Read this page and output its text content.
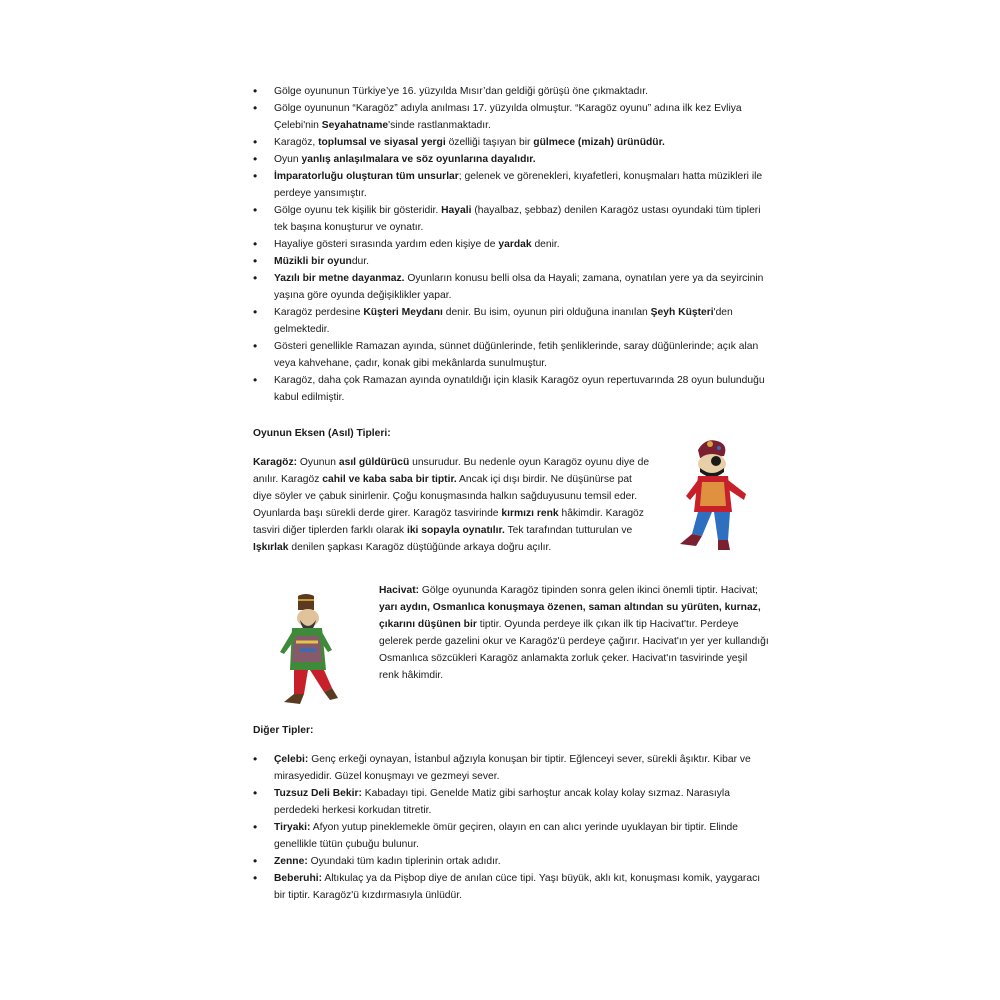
• Gölge oyununun Türkiye’ye 16. yüzyılda Mısır’dan geldiği görüşü öne çıkmaktadır.
• Gölge oyununun “Karagöz” adıyla anılması 17. yüzyılda olmuştur. “Karagöz oyunu” adına ilk kez Evliya Çelebi'nin Seyahatname'sinde rastlanmaktadır.
• Karagöz, toplumsal ve siyasal yergi özelliği taşıyan bir gülmece (mizah) ürünüdür.
• Oyun yanlış anlaşılmalara ve söz oyunlarına dayalıdır.
• İmparatorluğu oluşturan tüm unsurlar; gelenek ve görenekleri, kıyafetleri, konuşmaları hatta müzikleri ile perdeye yansımıştır.
• Gölge oyunu tek kişilik bir gösteridir. Hayali (hayalbaz, şebbaz) denilen Karagöz ustası oyundaki tüm tipleri tek başına konuşturur ve oynatır.
• Hayaliye gösteri sırasında yardım eden kişiye de yardak denir.
• Müzikli bir oyundur.
• Yazılı bir metne dayanmaz. Oyunların konusu belli olsa da Hayali; zamana, oynatılan yere ya da seyircinin yaşına göre oyunda değişiklikler yapar.
• Karagöz perdesine Küşteri Meydanı denir. Bu isim, oyunun piri olduğuna inanılan Şeyh Küşteri'den gelmektedir.
• Gösteri genellikle Ramazan ayında, sünnet düğünlerinde, fetih şenliklerinde, saray düğünlerinde; açık alan veya kahvehane, çadır, konak gibi mekânlarda sunulmuştur.
• Karagöz, daha çok Ramazan ayında oynatıldığı için klasik Karagöz oyun repertuvarında 28 oyun bulunduğu kabul edilmiştir.
Oyunun Eksen (Asıl) Tipleri:
Karagöz: Oyunun asıl güldürücü unsurudur. Bu nedenle oyun Karagöz oyunu diye de anılır. Karagöz cahil ve kaba saba bir tiptir. Ancak içi dışı birdir. Ne düşünürse pat diye söyler ve çabuk sinirlenir. Çoğu konuşmasında halkın sağduyusunu temsil eder. Oyunlarda başı sürekli derde girer. Karagöz tasvirinde kırmızı renk hâkimdir. Karagöz tasviri diğer tiplerden farklı olarak iki sopayla oynatılır. Tek tarafından tutturulan ve Işkırlak denilen şapkası Karagöz düştüğünde arkaya doğru açılır.
Hacivat: Gölge oyununda Karagöz tipinden sonra gelen ikinci önemli tiptir. Hacivat; yarı aydın, Osmanlıca konuşmaya özenen, saman altından su yürüten, kurnaz, çıkarını düşünen bir tiptir. Oyunda perdeye ilk çıkan ilk tip Hacivat'tır. Perdeye gelerek perde gazelini okur ve Karagöz'ü perdeye çağırır. Hacivat'ın yer yer kullandığı Osmanlıca sözcükleri Karagöz anlamakta zorluk çeker. Hacivat'ın tasvirinde yeşil renk hâkimdir.
Diğer Tipler:
• Çelebi: Genç erkeği oynayan, İstanbul ağzıyla konuşan bir tiptir. Eğlenceyi sever, sürekli âşıktır. Kibar ve mirasyedidir. Güzel konuşmayı ve gezmeyi sever.
• Tuzsuz Deli Bekir: Kabadayı tipi. Genelde Matiz gibi sarhoştur ancak kolay kolay sızmaz. Narasıyla perdedeki herkesi korkudan titretir.
• Tiryaki: Afyon yutup pineklemekle ömür geçiren, olayın en can alıcı yerinde uyuklayan bir tiptir. Elinde genellikle tütün çubuğu bulunur.
• Zenne: Oyundaki tüm kadın tiplerinin ortak adıdır.
• Beberuhi: Altıkulaç ya da Pişbop diye de anılan cüce tipi. Yaşı büyük, aklı kıt, konuşması komik, yaygaracı bir tiptir. Karagöz'ü kızdırmasıyla ünlüdür.
